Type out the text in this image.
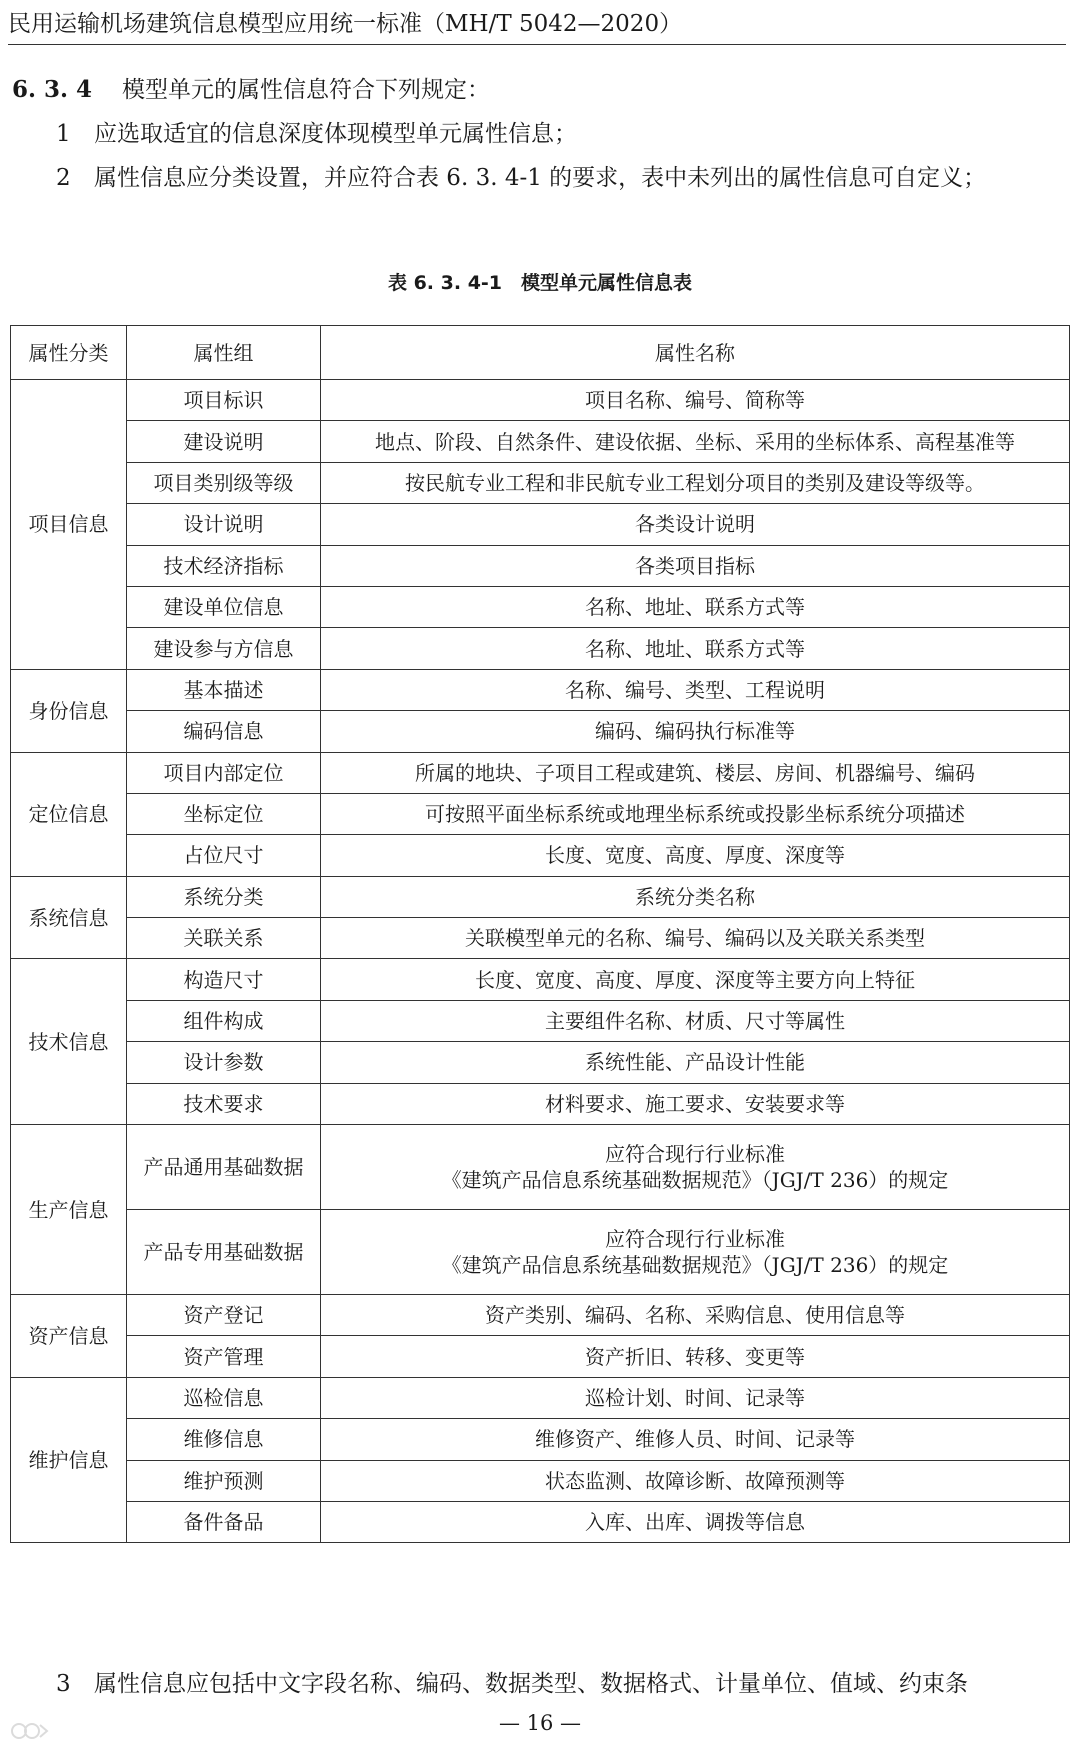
民用运输机场建筑信息模型应用统一标准（MH/T 5042—2020）
6. 3. 4 模型单元的属性信息符合下列规定：
1 应选取适宜的信息深度体现模型单元属性信息；
2 属性信息应分类设置，并应符合表 6. 3. 4-1 的要求，表中未列出的属性信息可自定义；
表 6. 3. 4-1　模型单元属性信息表
属性分类	属性组	属性名称
项目信息	项目标识	项目名称、编号、简称等
	建设说明	地点、阶段、自然条件、建设依据、坐标、采用的坐标体系、高程基准等
	项目类别级等级	按民航专业工程和非民航专业工程划分项目的类别及建设等级等。
	设计说明	各类设计说明
	技术经济指标	各类项目指标
	建设单位信息	名称、地址、联系方式等
	建设参与方信息	名称、地址、联系方式等
身份信息	基本描述	名称、编号、类型、工程说明
	编码信息	编码、编码执行标准等
定位信息	项目内部定位	所属的地块、子项目工程或建筑、楼层、房间、机器编号、编码
	坐标定位	可按照平面坐标系统或地理坐标系统或投影坐标系统分项描述
	占位尺寸	长度、宽度、高度、厚度、深度等
系统信息	系统分类	系统分类名称
	关联关系	关联模型单元的名称、编号、编码以及关联关系类型
技术信息	构造尺寸	长度、宽度、高度、厚度、深度等主要方向上特征
	组件构成	主要组件名称、材质、尺寸等属性
	设计参数	系统性能、产品设计性能
	技术要求	材料要求、施工要求、安装要求等
生产信息	产品通用基础数据	应符合现行行业标准
《建筑产品信息系统基础数据规范》（JGJ/T 236）的规定

	产品专用基础数据	应符合现行行业标准
《建筑产品信息系统基础数据规范》（JGJ/T 236）的规定

资产信息	资产登记	资产类别、编码、名称、采购信息、使用信息等
	资产管理	资产折旧、转移、变更等
维护信息	巡检信息	巡检计划、时间、记录等
	维修信息	维修资产、维修人员、时间、记录等
	维护预测	状态监测、故障诊断、故障预测等
	备件备品	入库、出库、调拨等信息
3 属性信息应包括中文字段名称、编码、数据类型、数据格式、计量单位、值域、约束条
— 16 —
